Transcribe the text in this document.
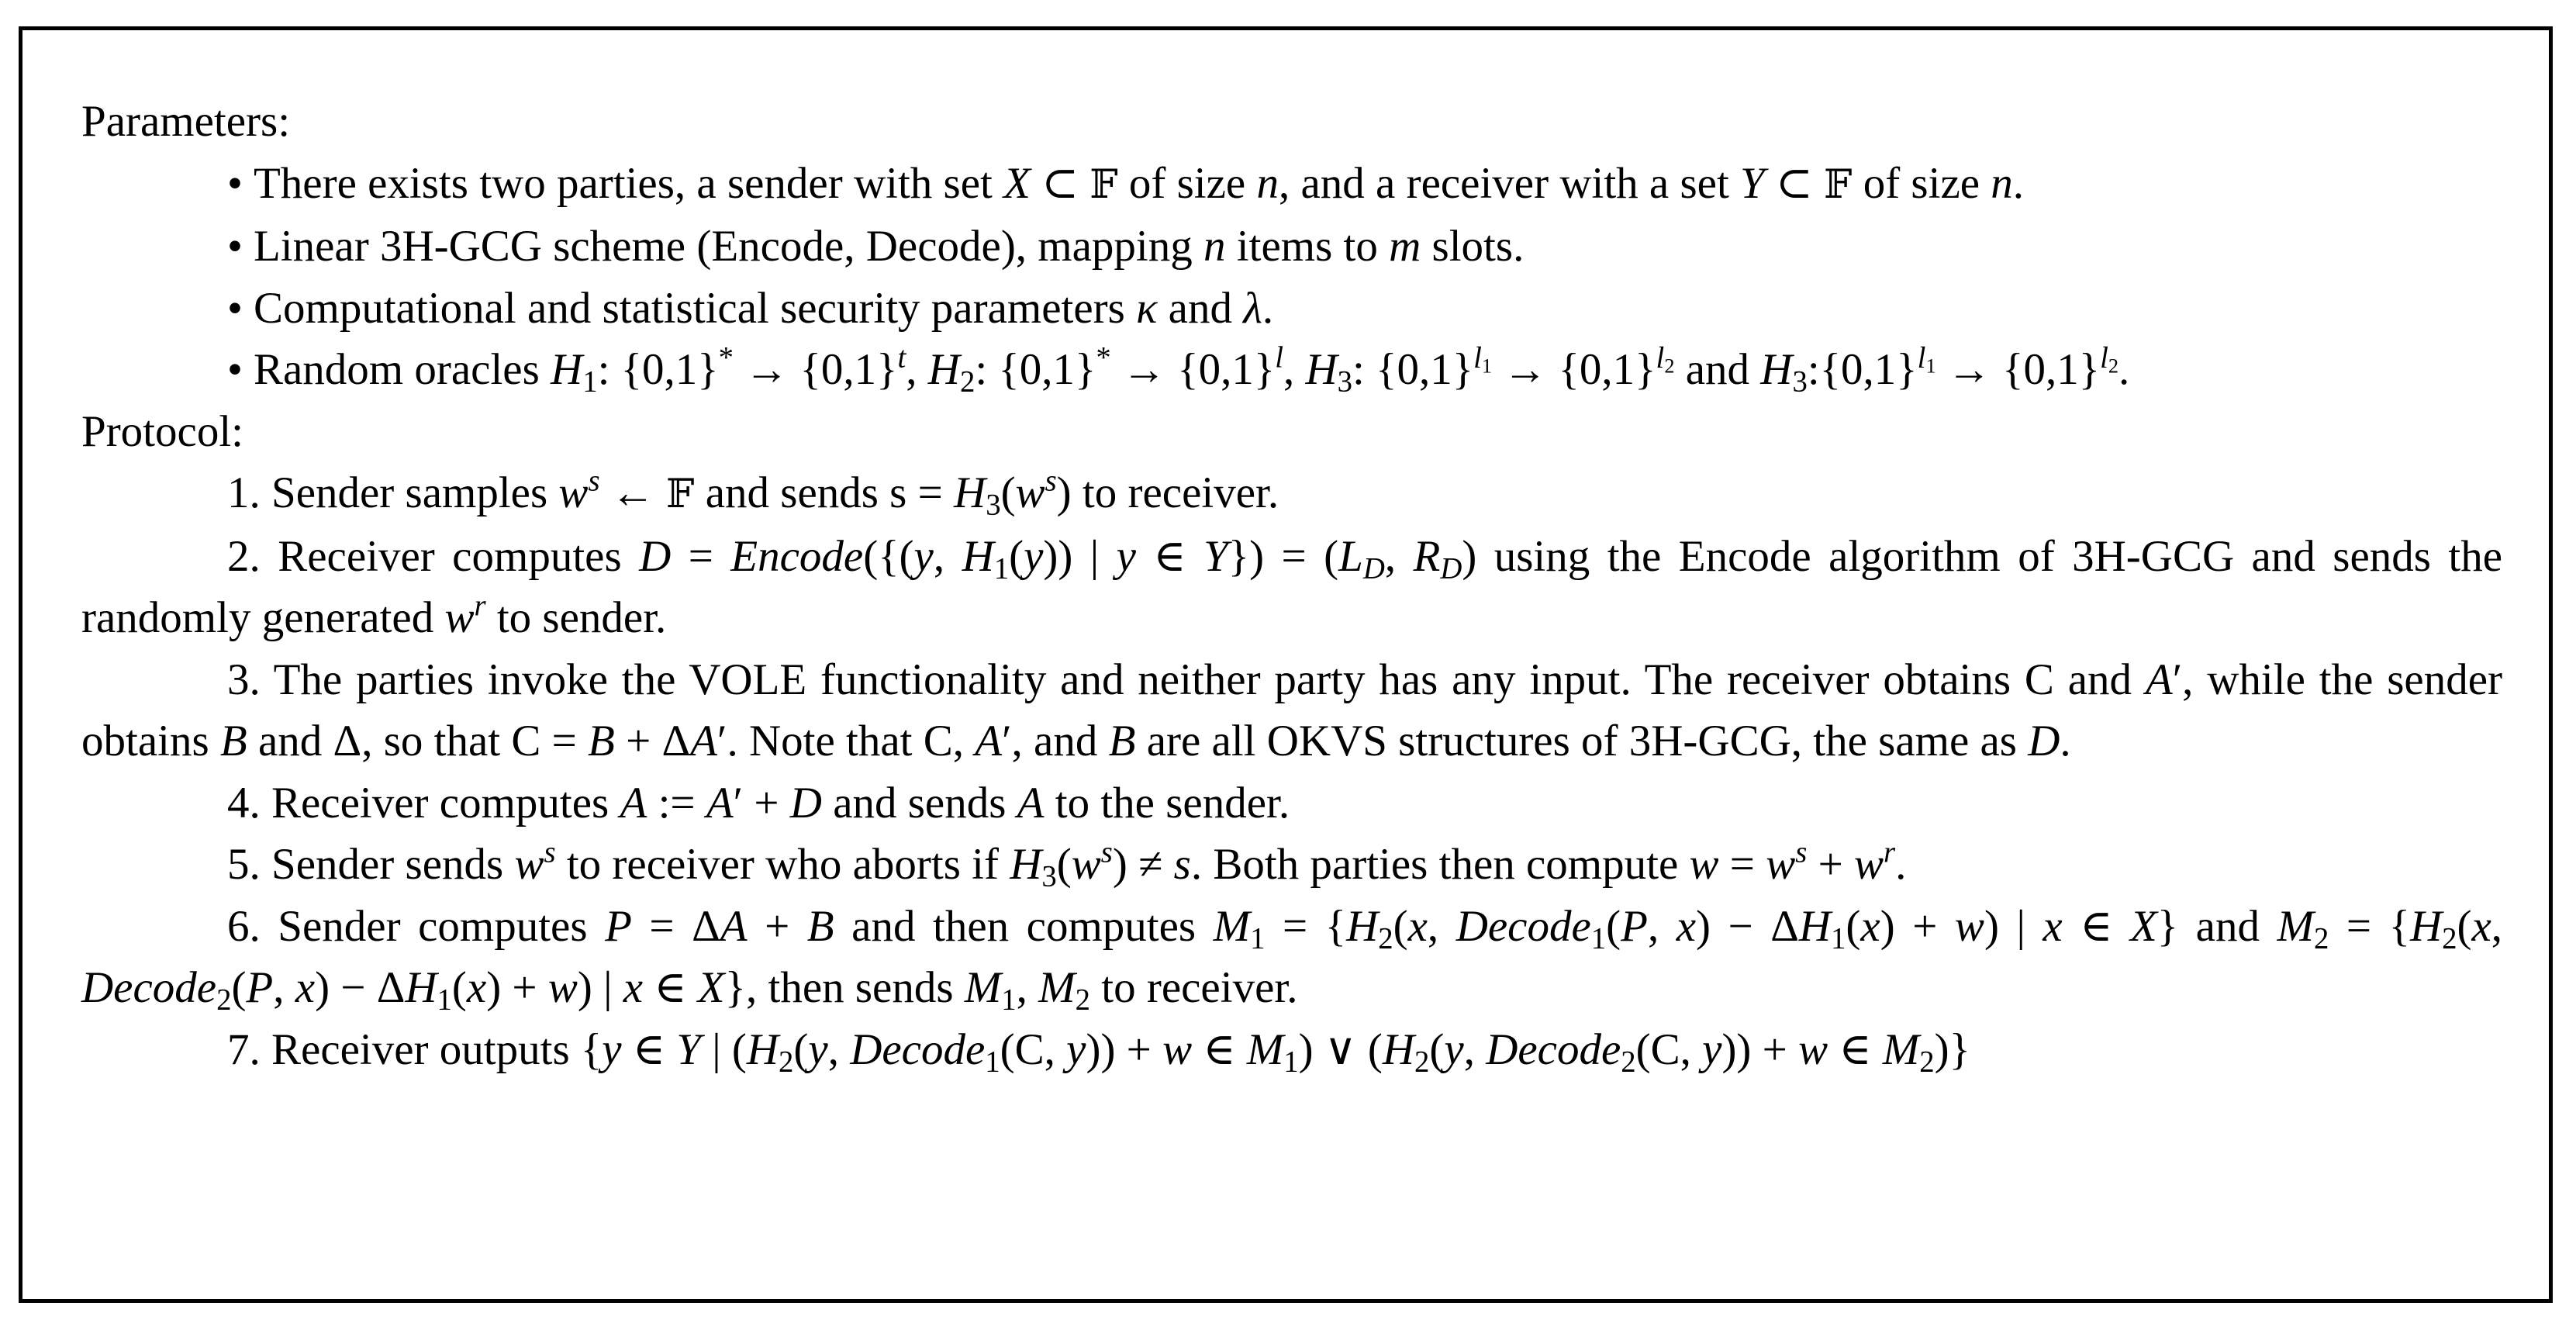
Parameters:

• There exists two parties, a sender with set X ⊂ 𝔽 of size n, and a receiver with a set Y ⊂ 𝔽 of size n.

• Linear 3H-GCG scheme (Encode, Decode), mapping n items to m slots.

• Computational and statistical security parameters κ and λ.

• Random oracles $H_1$: $\{0,1\}^* \to \{0,1\}^t$, $H_2$: $\{0,1\}^* \to \{0,1\}^l$, $H_3$: $\{0,1\}^{l_1} \to \{0,1\}^{l_2}$ and $H_3:\{0,1\}^{l_1} \to \{0,1\}^{l_2}$.

Protocol:

1. Sender samples $w^s$ ← 𝔽 and sends $s = H_3(w^s)$ to receiver.

2. Receiver computes D = Encode({(y, $H_1(y)$) | y ∈ $Y\}) = (L_D$, $R_D$) using the Encode algorithm of 3H-GCG and sends the randomly generated $w^r$ to sender.

3. The parties invoke the VOLE functionality and neither party has any input. The receiver obtains C and A′, while the sender obtains B and Δ, so that C = B + ΔA′. Note that C, A′, and B are all OKVS structures of 3H-GCG, the same as D.

4. Receiver computes A := A′ + D and sends A to the sender.

5. Sender sends $w^s$ to receiver who aborts if $H_3(w^s) \ne s$. Both parties then compute $w = w^s + w^r$.

6. Sender computes P = ΔA + B and then computes $M_1 = \{H_2(x$, Decode$_1$(P, $x) - \Delta H_1(x) + w$) | x ∈ X} and $M_2 = \{H_2(x$, Decode$_2$(P, $x) - \Delta H_1(x) + w$) | x ∈ X}, then sends $M_1$, $M_2$ to receiver.

7. Receiver outputs {y ∈ Y | ($H_2(y$, Decode$_1$(C, y)) + w ∈ $M_1$) ∨ ($H_2(y$, Decode$_2$(C, y)) + w ∈ $M_2$)}
